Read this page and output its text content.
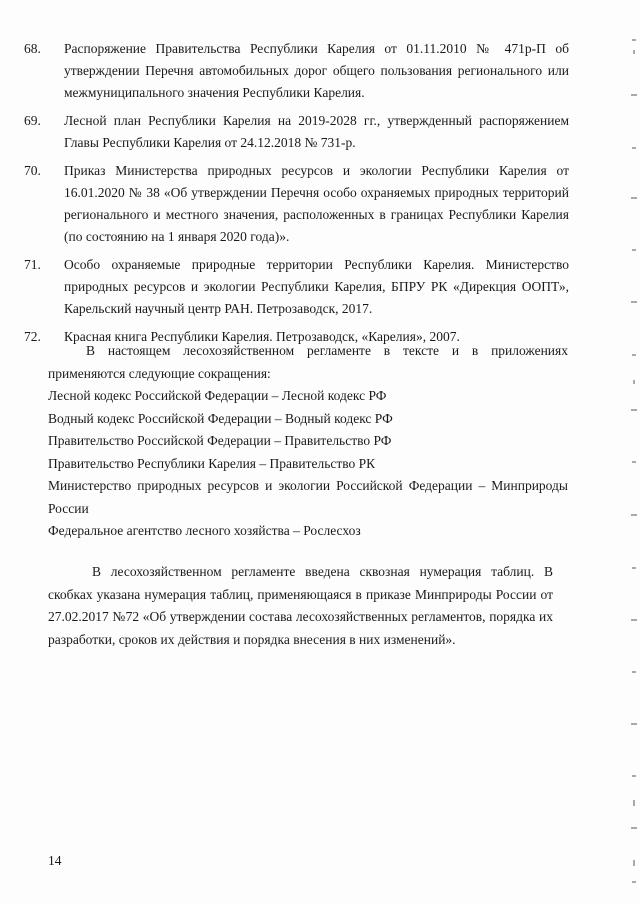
68.	Распоряжение Правительства Республики Карелия от 01.11.2010 № 471р-П об утверждении Перечня автомобильных дорог общего пользования регионального или межмуниципального значения Республики Карелия.
69.	Лесной план Республики Карелия на 2019-2028 гг., утвержденный распоряжением Главы Республики Карелия от 24.12.2018 № 731-р.
70.	Приказ Министерства природных ресурсов и экологии Республики Карелия от 16.01.2020 № 38 «Об утверждении Перечня особо охраняемых природных территорий регионального и местного значения, расположенных в границах Республики Карелия (по состоянию на 1 января 2020 года)».
71.	Особо охраняемые природные территории Республики Карелия. Министерство природных ресурсов и экологии Республики Карелия, БПРУ РК «Дирекция ООПТ», Карельский научный центр РАН. Петрозаводск, 2017.
72.	Красная книга Республики Карелия. Петрозаводск, «Карелия», 2007.

В настоящем лесохозяйственном регламенте в тексте и в приложениях применяются следующие сокращения:

Лесной кодекс Российской Федерации – Лесной кодекс РФ

Водный кодекс Российской Федерации – Водный кодекс РФ

Правительство Российской Федерации – Правительство РФ

Правительство Республики Карелия – Правительство РК

Министерство природных ресурсов и экологии Российской Федерации – Минприроды России

Федеральное агентство лесного хозяйства – Рослесхоз

В лесохозяйственном регламенте введена сквозная нумерация таблиц. В скобках указана нумерация таблиц, применяющаяся в приказе Минприроды России от 27.02.2017 №72 «Об утверждении состава лесохозяйственных регламентов, порядка их разработки, сроков их действия и порядка внесения в них изменений».

14
